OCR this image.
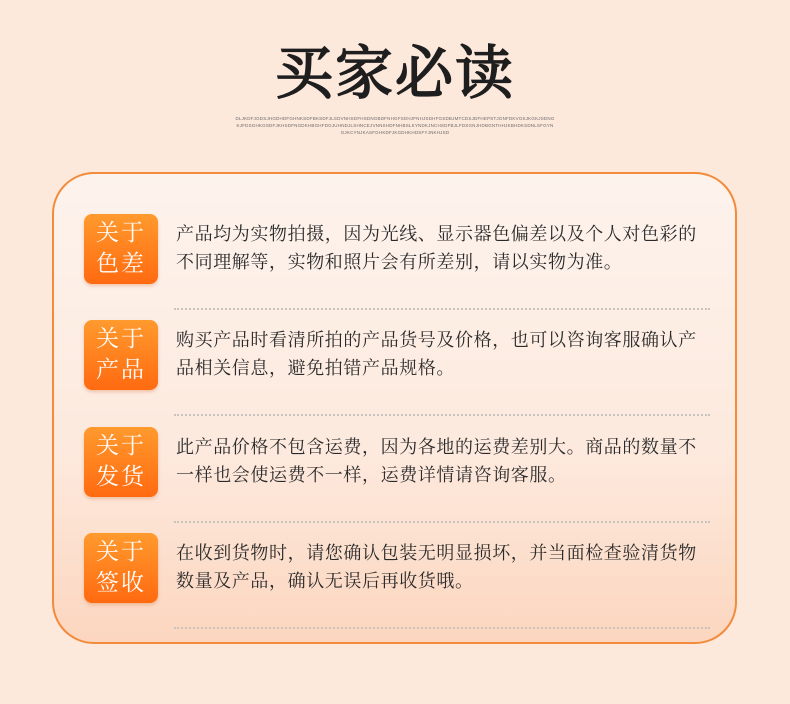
买家必读
DLJKDFJGDSJHGDHDFGHNKSDFBKSDFJLSDVNHSDFHSDNGBDFNHGFSDHJFNHJSDHFGSDBJMTCDSJDFHEPSTJGNFDKVOSJKGKJSDNGKJFDSGHKGSDFJKHSDFNGDKHBGHFDGJUHNDJLSHNCEJVNNSHDFNHBSLKYNDKJNCHSDFBJLFDSGNJHDBGNTHHJKBHDKSDNLSFGYNGJKCYNJKASFGHKDFJKGDHKHDSFYJNKHJSD
关于
色差
产品均为实物拍摄，因为光线、显示器色偏差以及个人对色彩的不同理解等，实物和照片会有所差别，请以实物为准。
关于
产品
购买产品时看清所拍的产品货号及价格，也可以咨询客服确认产品相关信息，避免拍错产品规格。
关于
发货
此产品价格不包含运费，因为各地的运费差别大。商品的数量不一样也会使运费不一样，运费详情请咨询客服。
关于
签收
在收到货物时，请您确认包装无明显损坏，并当面检查验清货物数量及产品，确认无误后再收货哦。
